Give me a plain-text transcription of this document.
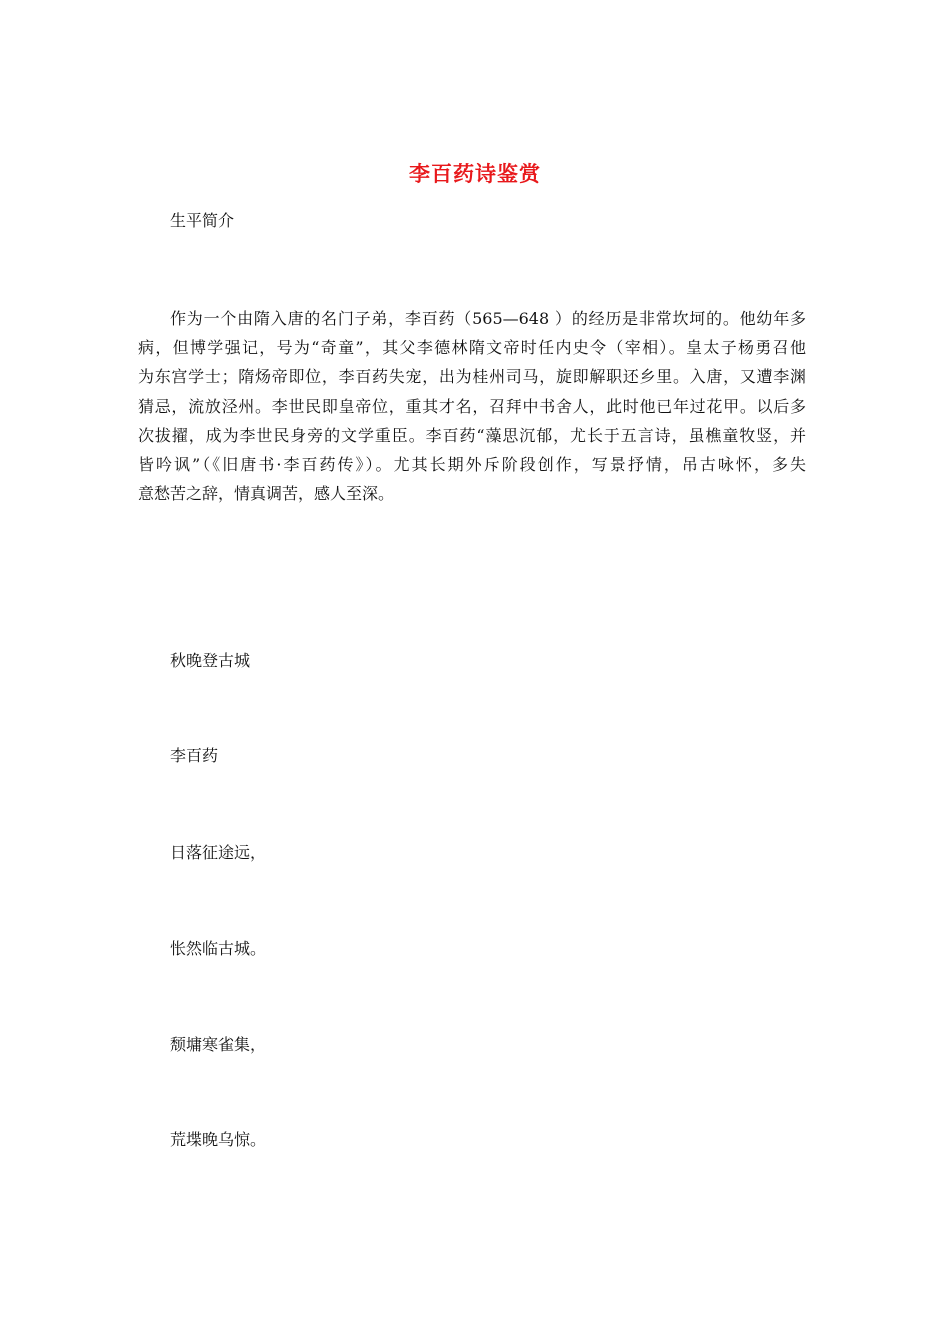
李百药诗鉴赏
生平简介
作为一个由隋入唐的名门子弟，李百药（565—648 ）的经历是非常坎坷的。他幼年多
病，但博学强记，号为“奇童”，其父李德林隋文帝时任内史令（宰相）。皇太子杨勇召他
为东宫学士；隋炀帝即位，李百药失宠，出为桂州司马，旋即解职还乡里。入唐，又遭李渊
猜忌，流放泾州。李世民即皇帝位，重其才名，召拜中书舍人，此时他已年过花甲。以后多
次拔擢，成为李世民身旁的文学重臣。李百药“藻思沉郁，尤长于五言诗，虽樵童牧竖，并
皆吟讽”（《旧唐书·李百药传》）。尤其长期外斥阶段创作，写景抒情，吊古咏怀，多失
意愁苦之辞，情真调苦，感人至深。
秋晚登古城
李百药
日落征途远，
怅然临古城。
颓墉寒雀集，
荒堞晚乌惊。
